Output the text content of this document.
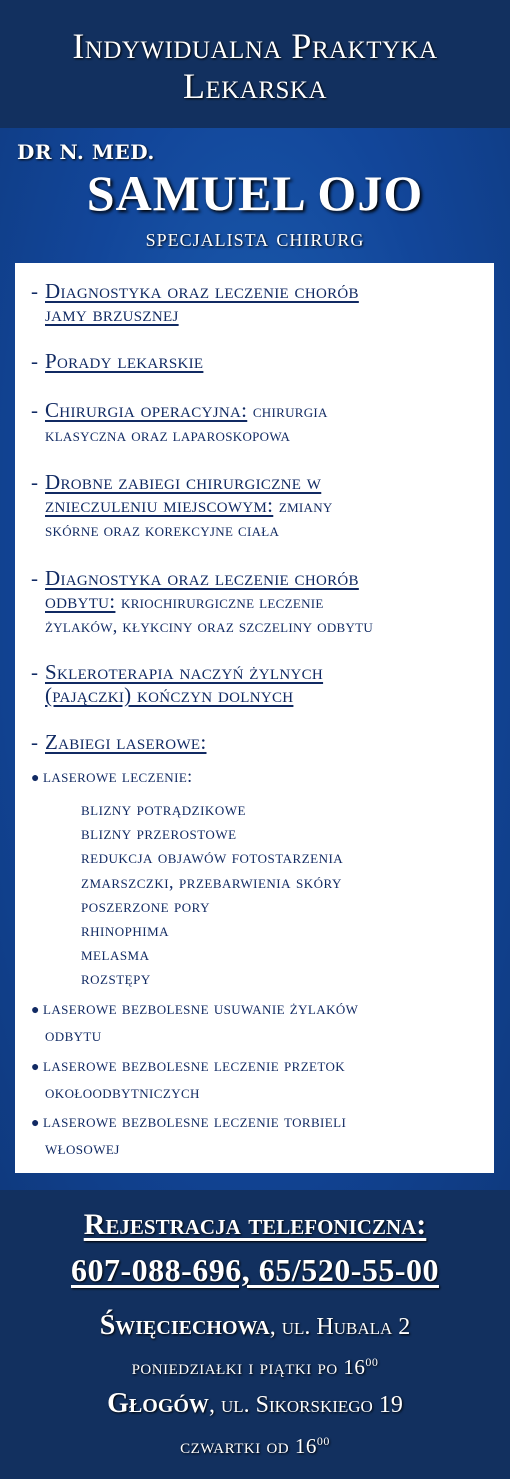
Indywidualna Praktyka
Lekarska
DR N. MED.
SAMUEL OJO
specjalista chirurg
- Diagnostyka oraz leczenie chorób
jamy brzusznej
- Porady lekarskie
- Chirurgia operacyjna: chirurgia
klasyczna oraz laparoskopowa
- Drobne zabiegi chirurgiczne w
znieczuleniu miejscowym: zmiany
skórne oraz korekcyjne ciała
- Diagnostyka oraz leczenie chorób
odbytu: kriochirurgiczne leczenie
żylaków, kłykciny oraz szczeliny odbytu
- Skleroterapia naczyń żylnych
(pajączki) kończyn dolnych
- Zabiegi laserowe:
● laserowe leczenie:
blizny potrądzikowe
blizny przerostowe
redukcja objawów fotostarzenia
zmarszczki, przebarwienia skóry
poszerzone pory
rhinophima
melasma
rozstępy
● laserowe bezbolesne usuwanie żylaków
odbytu
● laserowe bezbolesne leczenie przetok
okołoodbytniczych
● laserowe bezbolesne leczenie torbieli
włosowej
Rejestracja telefoniczna:
607-088-696, 65/520-55-00
Święciechowa, ul. Hubala 2
poniedziałki i piątki po $16^{00}$
Głogów, ul. Sikorskiego 19
czwartki od $16^{00}$
